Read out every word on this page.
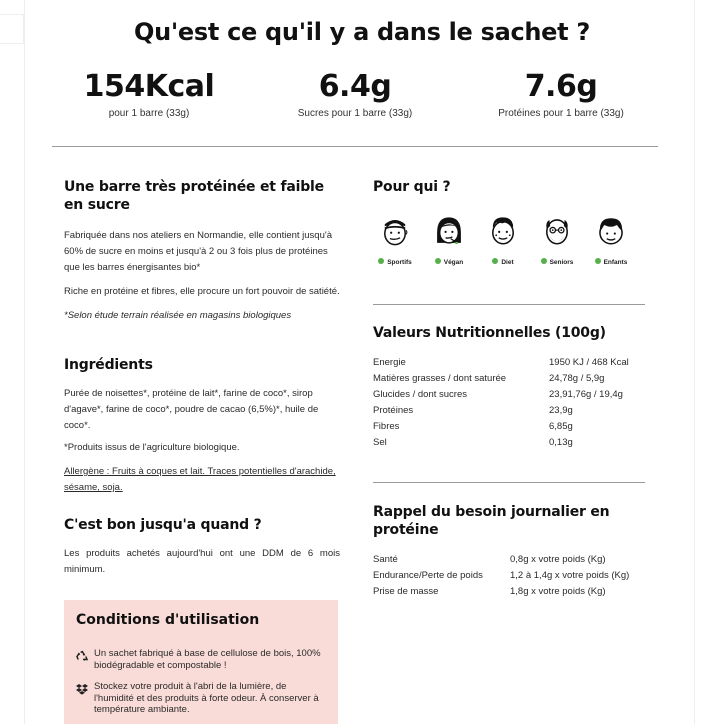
Qu'est ce qu'il y a dans le sachet ?
154Kcal
pour 1 barre (33g)
6.4g
Sucres pour 1 barre (33g)
7.6g
Protéines pour 1 barre (33g)
Une barre très protéinée et faible en sucre

Fabriquée dans nos ateliers en Normandie, elle contient jusqu'à 60% de sucre en moins et jusqu'à 2 ou 3 fois plus de protéines que les barres énergisantes bio*

Riche en protéine et fibres, elle procure un fort pouvoir de satiété.

*Selon étude terrain réalisée en magasins biologiques

Ingrédients

Purée de noisettes*, protéine de lait*, farine de coco*, sirop d'agave*, farine de coco*, poudre de cacao (6,5%)*, huile de coco*.

*Produits issus de l'agriculture biologique.

Allergène : Fruits à coques et lait. Traces potentielles d'arachide, sésame, soja.

C'est bon jusqu'a quand ?

Les produits achetés aujourd'hui ont une DDM de 6 mois minimum.

Conditions d'utilisation
Un sachet fabriqué à base de cellulose de bois, 100% biodégradable et compostable !
Stockez votre produit à l'abri de la lumière, de l'humidité et des produits à forte odeur. À conserver à température ambiante.
Pour qui ?
Sportifs	Végan	Diet	Seniors	Enfants
Valeurs Nutritionnelles (100g)
Energie	1950 KJ / 468 Kcal
Matières grasses / dont saturée	24,78g / 5,9g
Glucides / dont sucres	23,91,76g / 19,4g
Protéines	23,9g
Fibres	6,85g
Sel	0,13g
Rappel du besoin journalier en protéine
Santé	0,8g x votre poids (Kg)
Endurance/Perte de poids	1,2 à 1,4g x votre poids (Kg)
Prise de masse	1,8g x votre poids (Kg)
